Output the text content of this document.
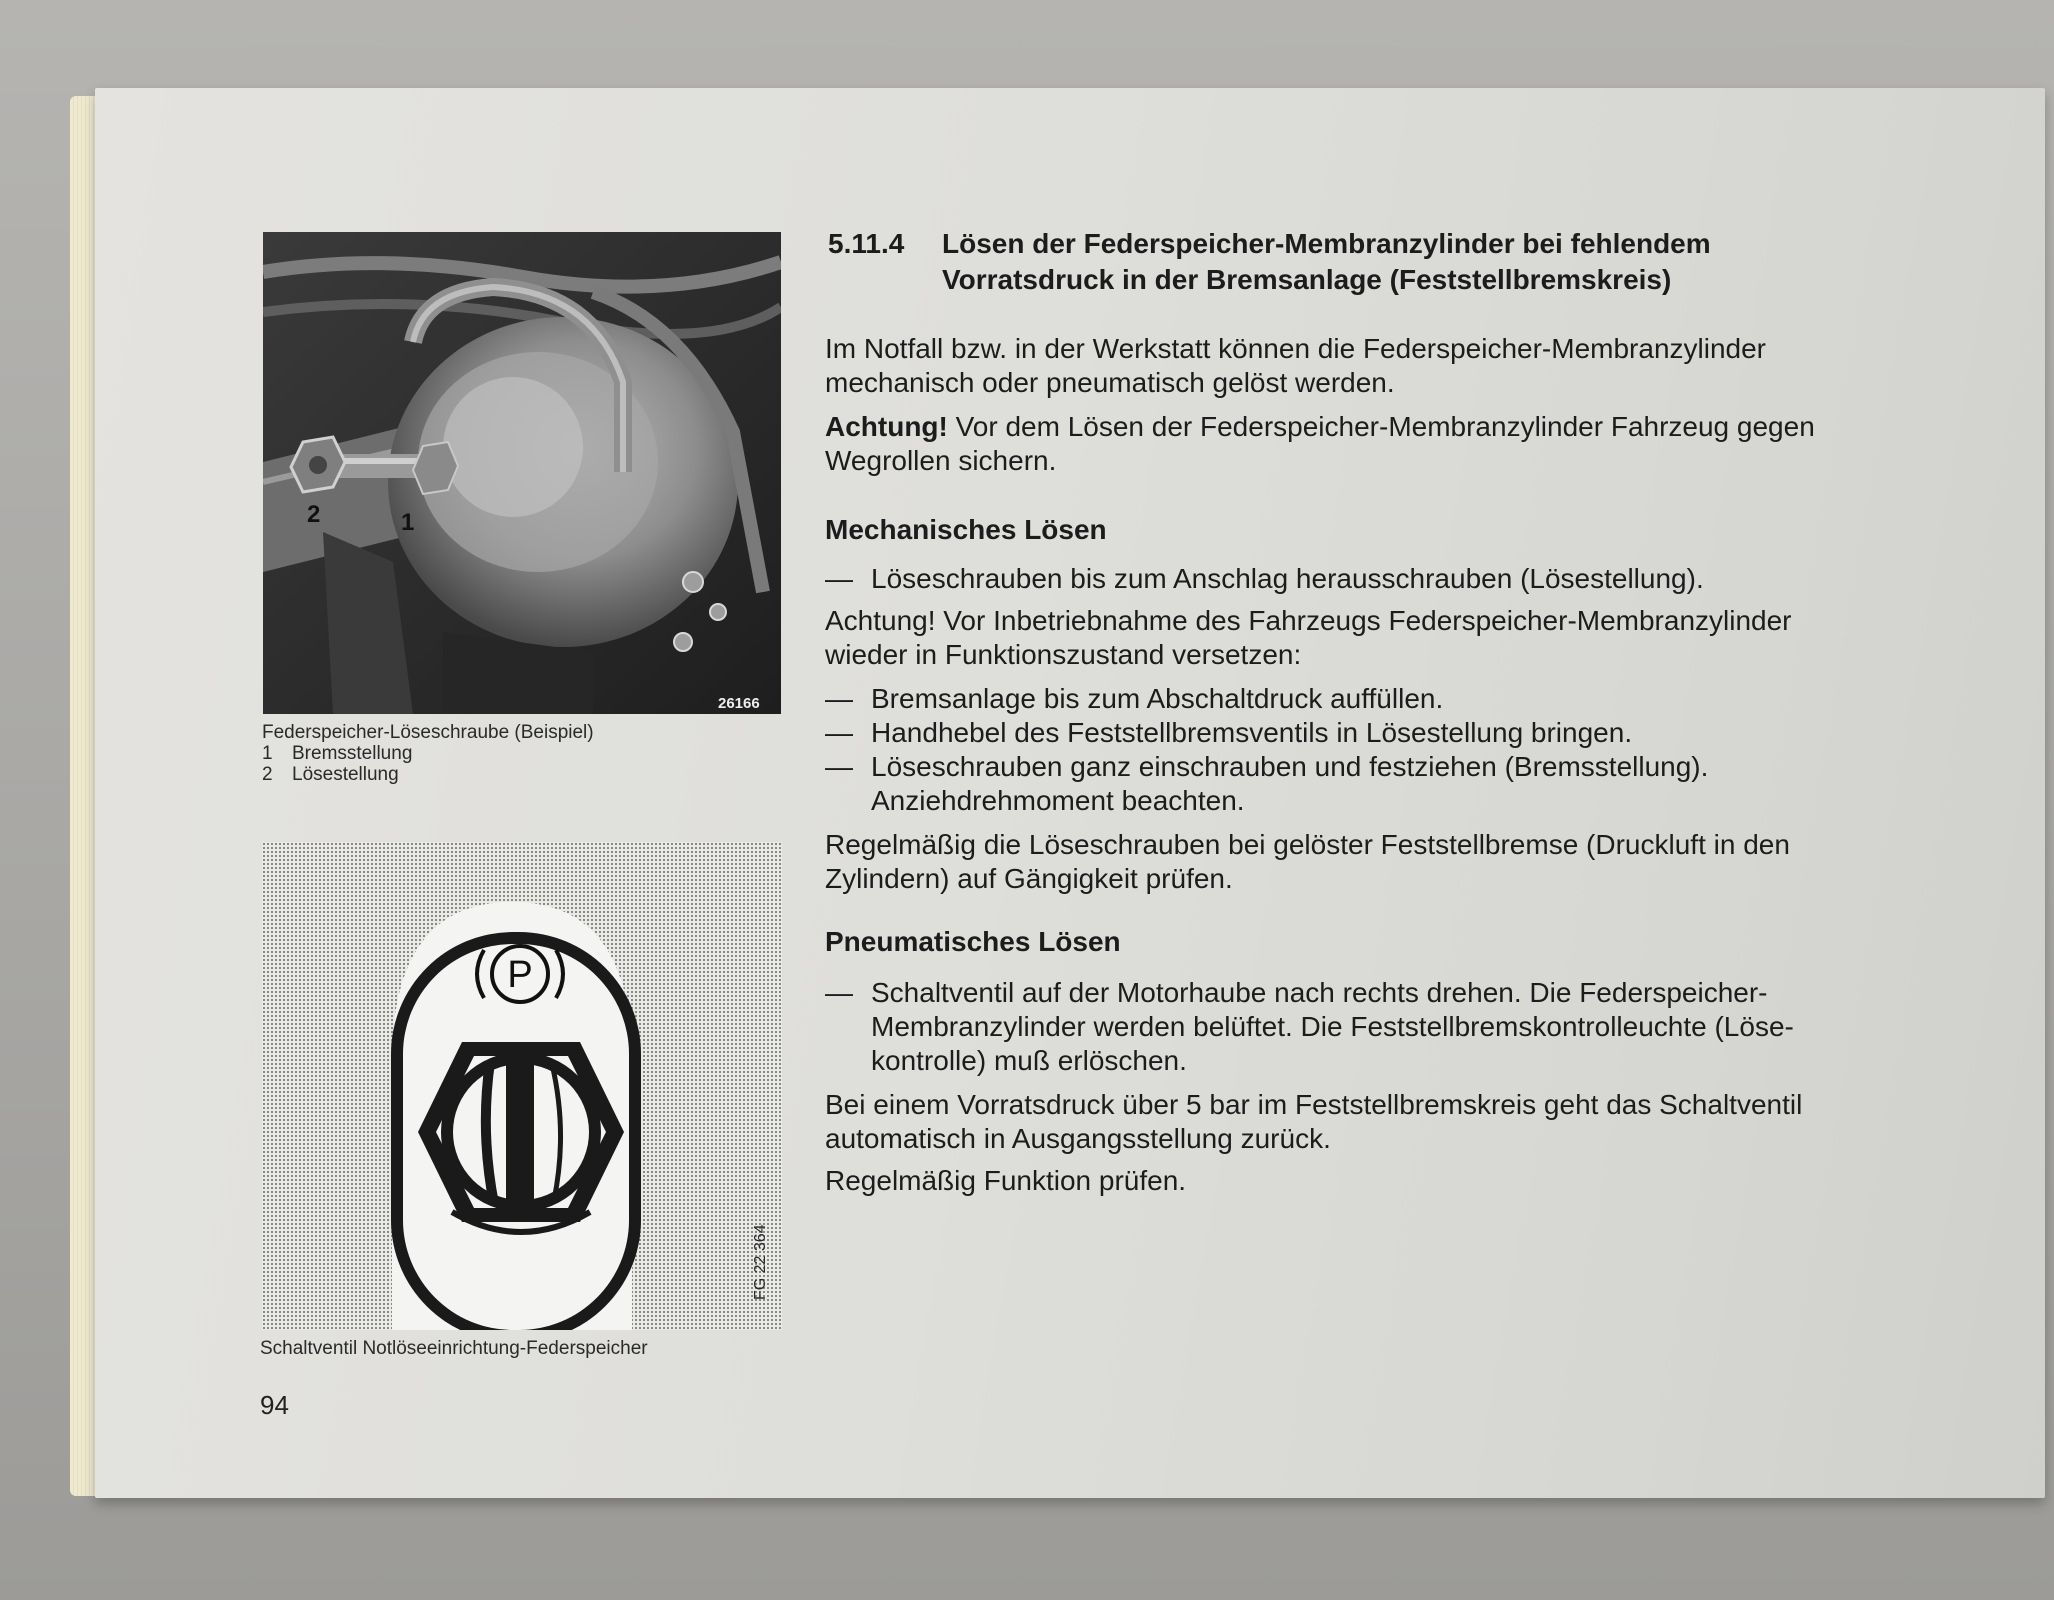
2	1
26166
Federspeicher-Löseschraube (Beispiel)
1 Bremsstellung
2 Lösestellung
P
FG 22 364
Schaltventil Notlöseeinrichtung-Federspeicher
94
5.11.4 Lösen der Federspeicher-Membranzylinder bei fehlendem
Vorratsdruck in der Bremsanlage (Feststellbremskreis)
Im Notfall bzw. in der Werkstatt können die Federspeicher-Membranzylinder
mechanisch oder pneumatisch gelöst werden.
Achtung! Vor dem Lösen der Federspeicher-Membranzylinder Fahrzeug gegen
Wegrollen sichern.
Mechanisches Lösen
— Löseschrauben bis zum Anschlag herausschrauben (Lösestellung).
Achtung! Vor Inbetriebnahme des Fahrzeugs Federspeicher-Membranzylinder
wieder in Funktionszustand versetzen:
— Bremsanlage bis zum Abschaltdruck auffüllen.
— Handhebel des Feststellbremsventils in Lösestellung bringen.
— Löseschrauben ganz einschrauben und festziehen (Bremsstellung).
Anziehdrehmoment beachten.
Regelmäßig die Löseschrauben bei gelöster Feststellbremse (Druckluft in den
Zylindern) auf Gängigkeit prüfen.
Pneumatisches Lösen
— Schaltventil auf der Motorhaube nach rechts drehen. Die Federspeicher-
Membranzylinder werden belüftet. Die Feststellbremskontrolleuchte (Löse-
kontrolle) muß erlöschen.
Bei einem Vorratsdruck über 5 bar im Feststellbremskreis geht das Schaltventil
automatisch in Ausgangsstellung zurück.
Regelmäßig Funktion prüfen.
